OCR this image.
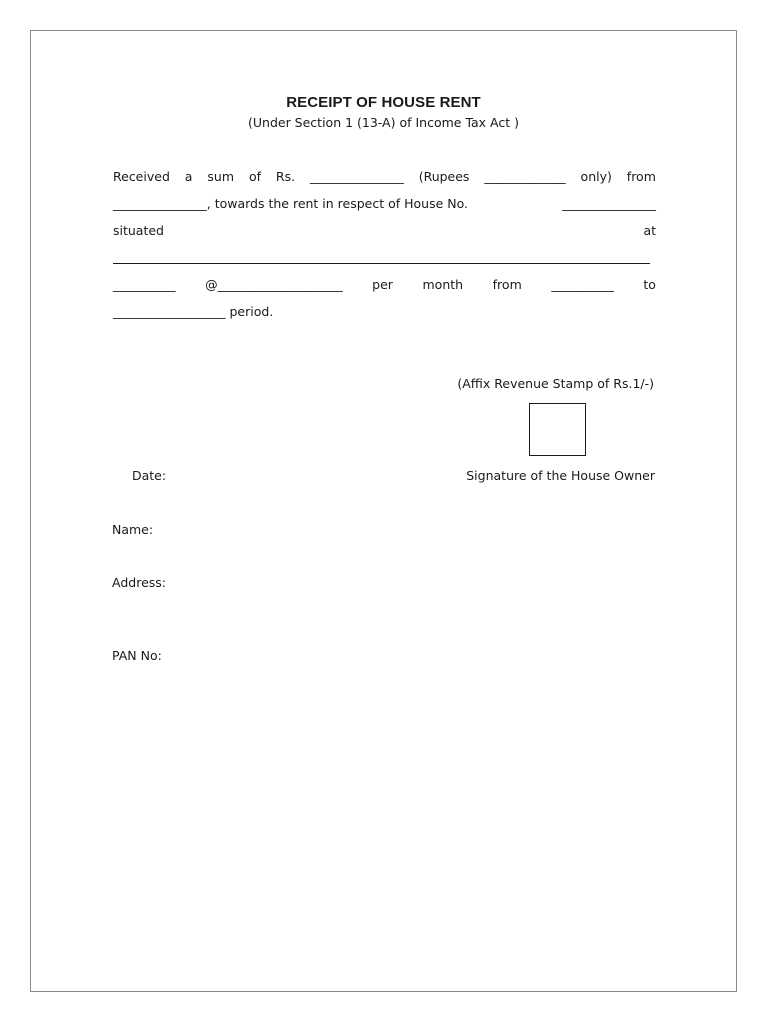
RECEIPT OF HOUSE RENT
(Under Section 1 (13-A) of Income Tax Act )
Received a sum of Rs. _______________ (Rupees _____________ only) from
_______________, towards the rent in respect of House No.	_______________
situated	at
__________ @____________________ per month from __________ to
__________________ period.
(Affix Revenue Stamp of Rs.1/-)
Date:	Signature of the House Owner
Name:
Address:
PAN No:
